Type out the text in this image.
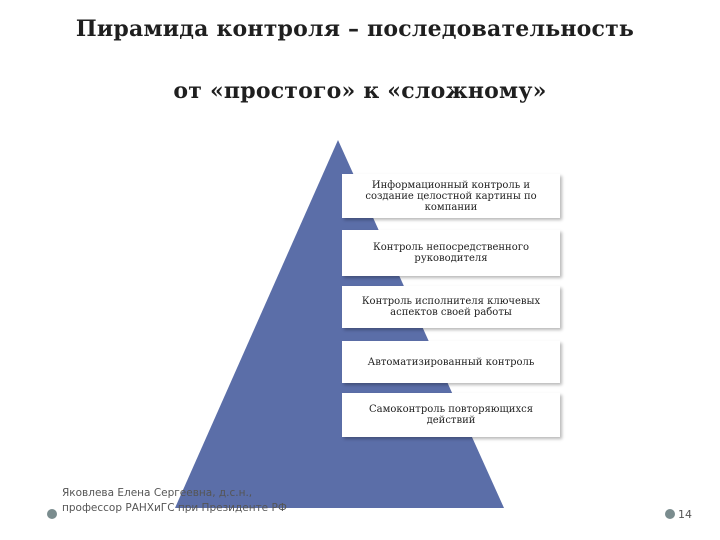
Пирамида контроля – последовательность
от «простого» к «сложному»
Информационный контроль и создание целостной картины по компании
Контроль непосредственного руководителя
Контроль исполнителя ключевых аспектов своей работы
Автоматизированный контроль
Самоконтроль повторяющихся действий
Яковлева Елена Сергеевна, д.с.н., профессор РАНХиГС при Президенте РФ	14
